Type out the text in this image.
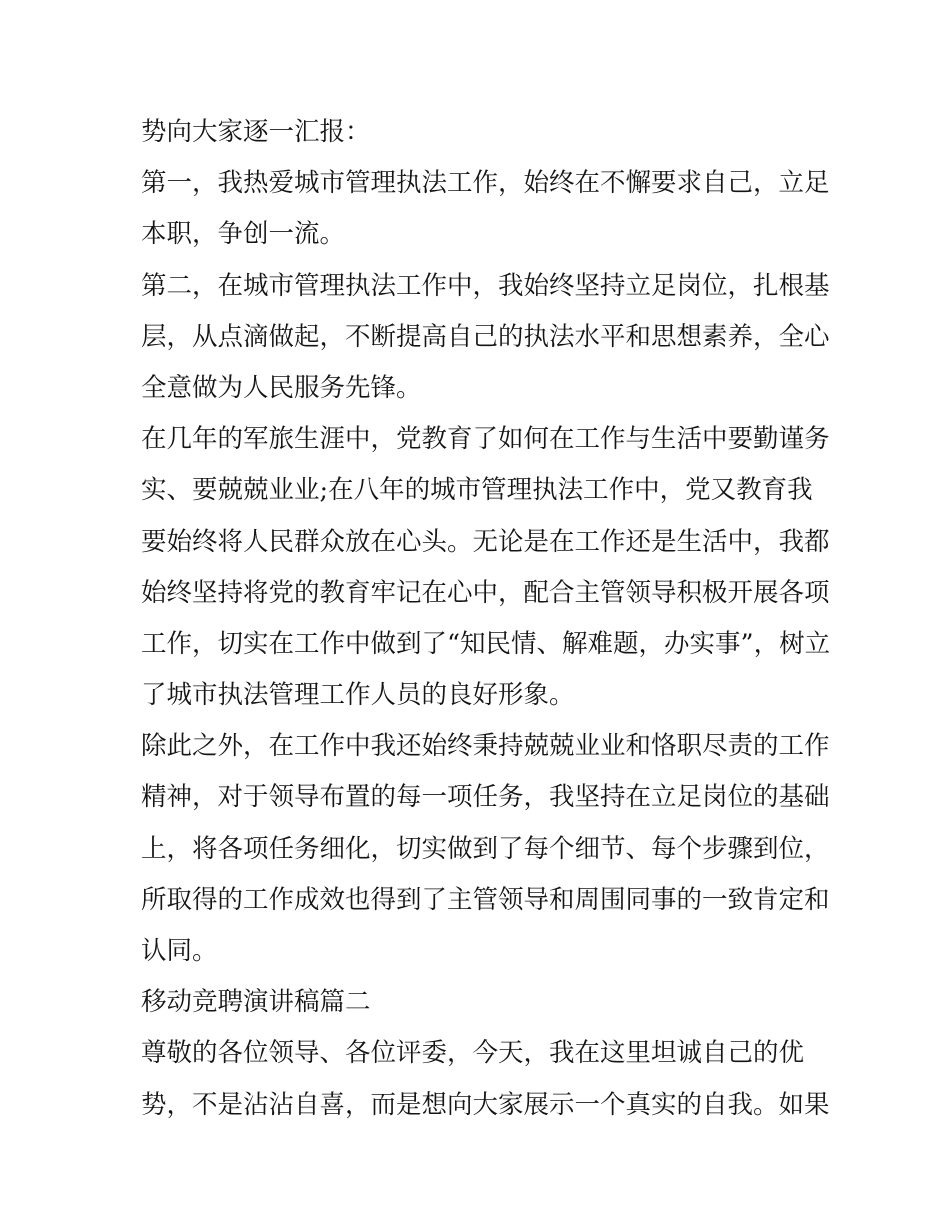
势向大家逐一汇报：
第一，我热爱城市管理执法工作，始终在不懈要求自己，立足
本职，争创一流。
第二，在城市管理执法工作中，我始终坚持立足岗位，扎根基
层，从点滴做起，不断提高自己的执法水平和思想素养，全心
全意做为人民服务先锋。
在几年的军旅生涯中，党教育了如何在工作与生活中要勤谨务
实、要兢兢业业;在八年的城市管理执法工作中，党又教育我
要始终将人民群众放在心头。无论是在工作还是生活中，我都
始终坚持将党的教育牢记在心中，配合主管领导积极开展各项
工作，切实在工作中做到了“知民情、解难题，办实事”，树立
了城市执法管理工作人员的良好形象。
除此之外，在工作中我还始终秉持兢兢业业和恪职尽责的工作
精神，对于领导布置的每一项任务，我坚持在立足岗位的基础
上，将各项任务细化，切实做到了每个细节、每个步骤到位，
所取得的工作成效也得到了主管领导和周围同事的一致肯定和
认同。
移动竞聘演讲稿篇二
尊敬的各位领导、各位评委，今天，我在这里坦诚自己的优
势，不是沾沾自喜，而是想向大家展示一个真实的自我。如果
